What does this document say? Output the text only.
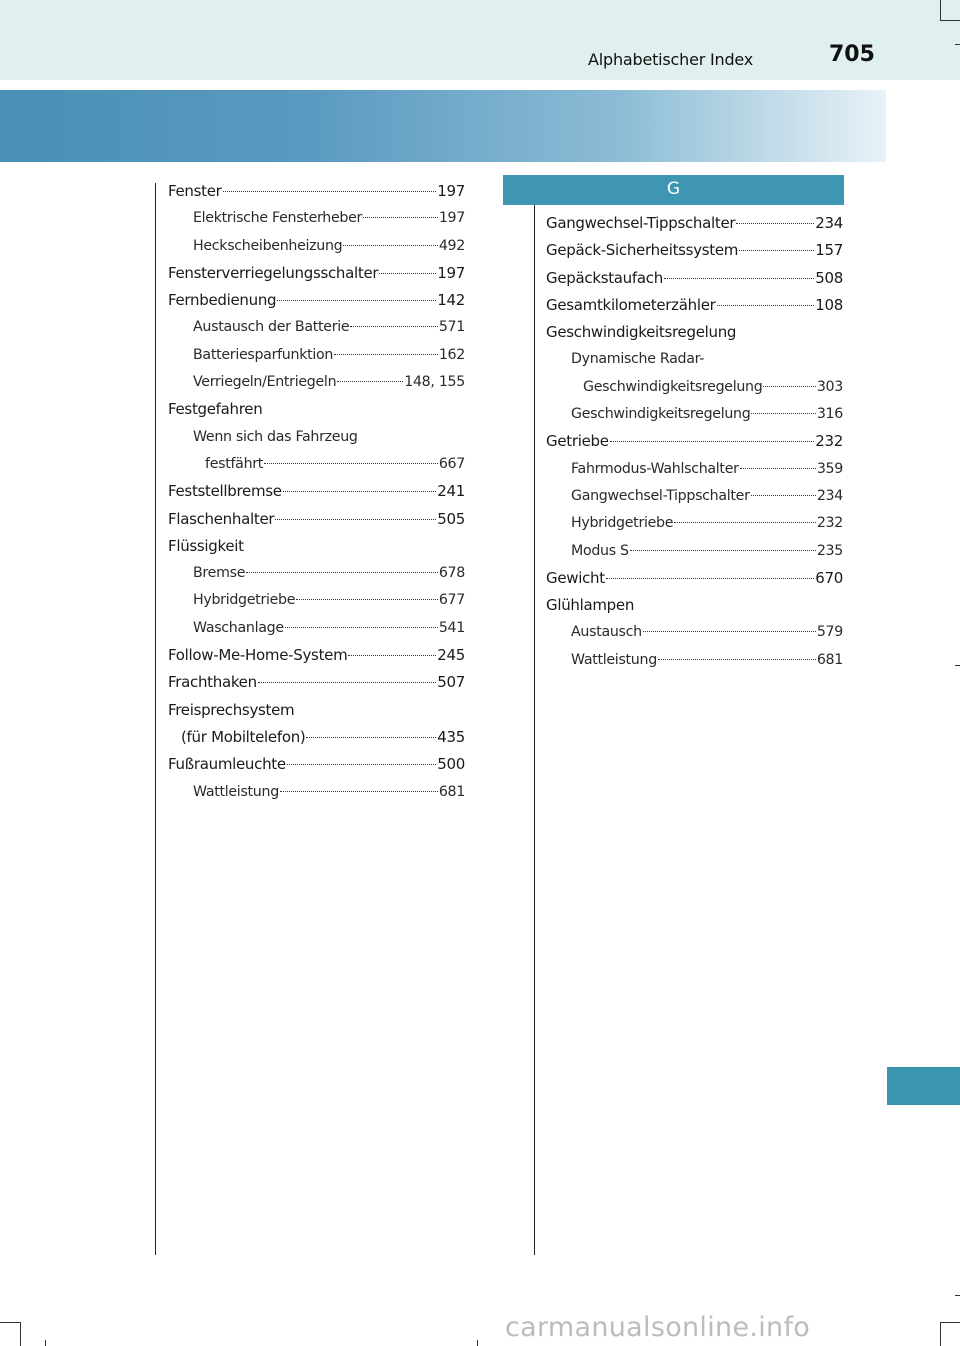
Alphabetischer Index	705
G
Fenster	197
Elektrische Fensterheber	197
Heckscheibenheizung	492
Fensterverriegelungsschalter	197
Fernbedienung	142
Austausch der Batterie	571
Batteriesparfunktion	162
Verriegeln/Entriegeln	148, 155
Festgefahren
Wenn sich das Fahrzeug
festfährt	667
Feststellbremse	241
Flaschenhalter	505
Flüssigkeit
Bremse	678
Hybridgetriebe	677
Waschanlage	541
Follow-Me-Home-System	245
Frachthaken	507
Freisprechsystem
(für Mobiltelefon)	435
Fußraumleuchte	500
Wattleistung	681
Gangwechsel-Tippschalter	234
Gepäck-Sicherheitssystem	157
Gepäckstaufach	508
Gesamtkilometerzähler	108
Geschwindigkeitsregelung
Dynamische Radar-
Geschwindigkeitsregelung	303
Geschwindigkeitsregelung	316
Getriebe	232
Fahrmodus-Wahlschalter	359
Gangwechsel-Tippschalter	234
Hybridgetriebe	232
Modus S	235
Gewicht	670
Glühlampen
Austausch	579
Wattleistung	681
carmanualsonline.info
